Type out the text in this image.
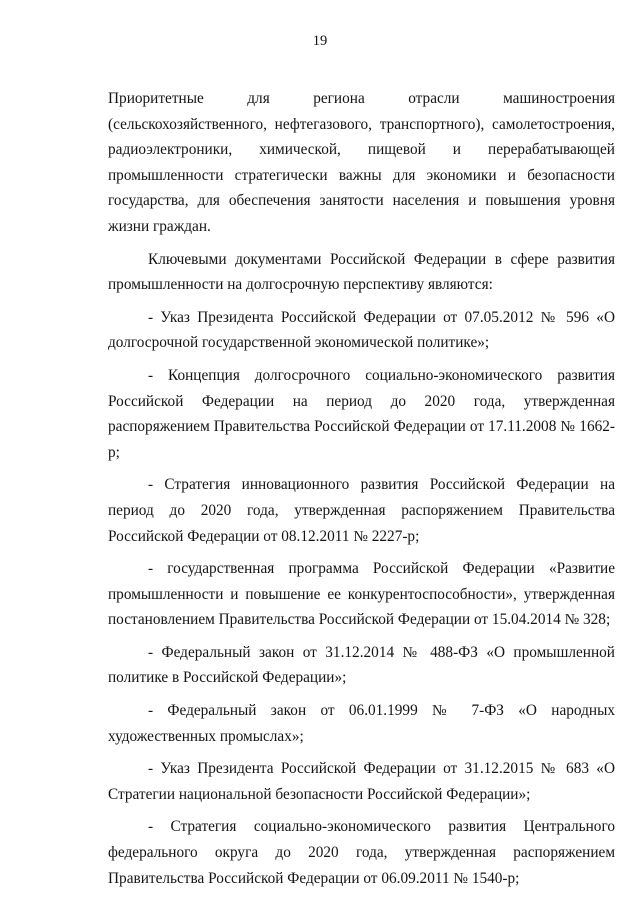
19

Приоритетные для региона отрасли машиностроения (сельскохозяйственного, нефтегазового, транспортного), самолетостроения, радиоэлектроники, химической, пищевой и перерабатывающей промышленности стратегически важны для экономики и безопасности государства, для обеспечения занятости населения и повышения уровня жизни граждан.

Ключевыми документами Российской Федерации в сфере развития промышленности на долгосрочную перспективу являются:

- Указ Президента Российской Федерации от 07.05.2012 № 596 «О долгосрочной государственной экономической политике»;

- Концепция долгосрочного социально-экономического развития Российской Федерации на период до 2020 года, утвержденная распоряжением Правительства Российской Федерации от 17.11.2008 № 1662-р;

- Стратегия инновационного развития Российской Федерации на период до 2020 года, утвержденная распоряжением Правительства Российской Федерации от 08.12.2011 № 2227-р;

- государственная программа Российской Федерации «Развитие промышленности и повышение ее конкурентоспособности», утвержденная постановлением Правительства Российской Федерации от 15.04.2014 № 328;

- Федеральный закон от 31.12.2014 № 488-ФЗ «О промышленной политике в Российской Федерации»;

- Федеральный закон от 06.01.1999 № 7-ФЗ «О народных художественных промыслах»;

- Указ Президента Российской Федерации от 31.12.2015 № 683 «О Стратегии национальной безопасности Российской Федерации»;

- Стратегия социально-экономического развития Центрального федерального округа до 2020 года, утвержденная распоряжением Правительства Российской Федерации от 06.09.2011 № 1540-р;
